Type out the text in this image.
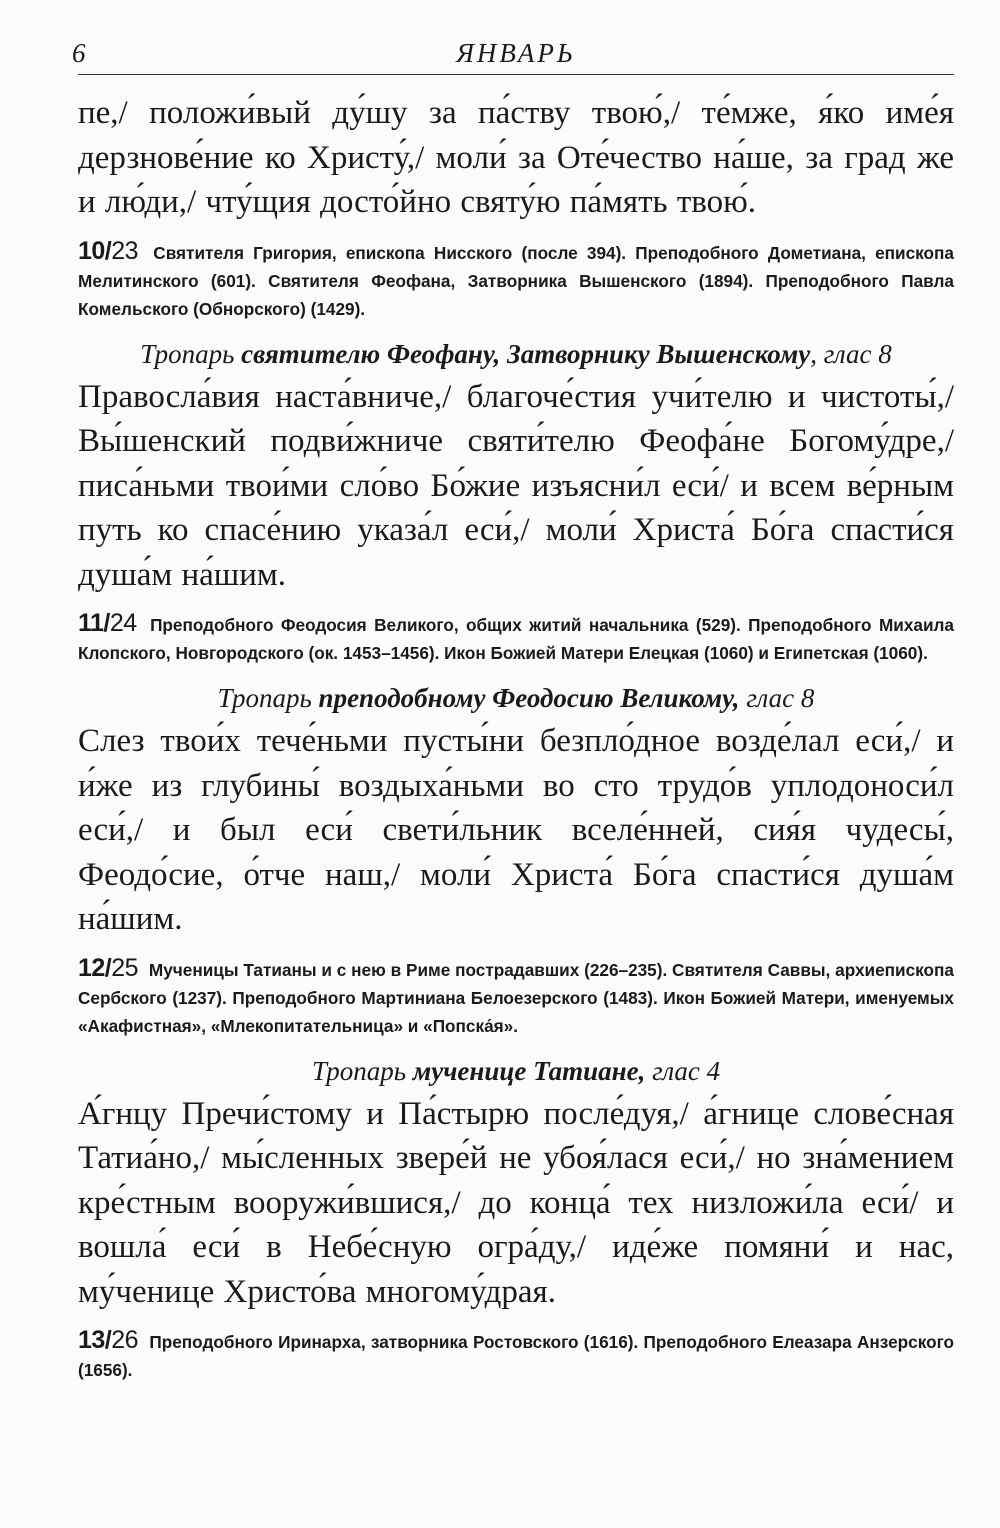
6	ЯНВАРЬ

пе,/ положи́вый ду́шу за па́ству твою́,/ те́мже, я́ко име́я дерзнове́ние ко Христу́,/ моли́ за Оте́чество на́ше, за град же и лю́ди,/ чту́щия досто́йно святу́ю па́мять твою́.

10/23 Святителя Григория, епископа Нисского (после 394). Преподобного Дометиана, епископа Мелитинского (601). Святителя Феофана, Затворника Вышенского (1894). Преподобного Павла Комельского (Обнорского) (1429).
Тропарь святителю Феофану, Затворнику Вышенскому, глас 8

Правосла́вия наста́вниче,/ благоче́стия учи́телю и чистоты́,/ Вы́шенский подви́жниче святи́телю Феофа́не Богому́дре,/ писа́ньми твои́ми сло́во Бо́жие изъясни́л еси́/ и всем ве́рным путь ко спасе́нию указа́л еси́,/ моли́ Христа́ Бо́га спасти́ся душа́м на́шим.

11/24 Преподобного Феодосия Великого, общих житий начальника (529). Преподобного Михаила Клопского, Новгородского (ок. 1453–1456). Икон Божией Матери Елецкая (1060) и Египетская (1060).
Тропарь преподобному Феодосию Великому, глас 8

Слез твои́х тече́ньми пусты́ни безпло́дное возде́лал еси́,/ и и́же из глубины́ воздыха́ньми во сто трудо́в уплодоноси́л еси́,/ и был еси́ свети́льник вселе́нней, сия́я чудесы́, Феодо́сие, о́тче наш,/ моли́ Христа́ Бо́га спасти́ся душа́м на́шим.

12/25 Мученицы Татианы и с нею в Риме пострадавших (226–235). Святителя Саввы, архиепископа Сербского (1237). Преподобного Мартиниана Белоезерского (1483). Икон Божией Матери, именуемых «Акафистная», «Млекопитательница» и «Попска́я».
Тропарь мученице Татиане, глас 4

А́гнцу Пречи́стому и Па́стырю после́дуя,/ а́гнице слове́сная Татиа́но,/ мы́сленных звере́й не убоя́лася еси́,/ но зна́мением кре́стным вооружи́вшися,/ до конца́ тех низложи́ла еси́/ и вошла́ еси́ в Небе́сную огра́ду,/ иде́же помяни́ и нас, му́ченице Христо́ва многому́драя.

13/26 Преподобного Иринарха, затворника Ростовского (1616). Преподобного Елеазара Анзерского (1656).
